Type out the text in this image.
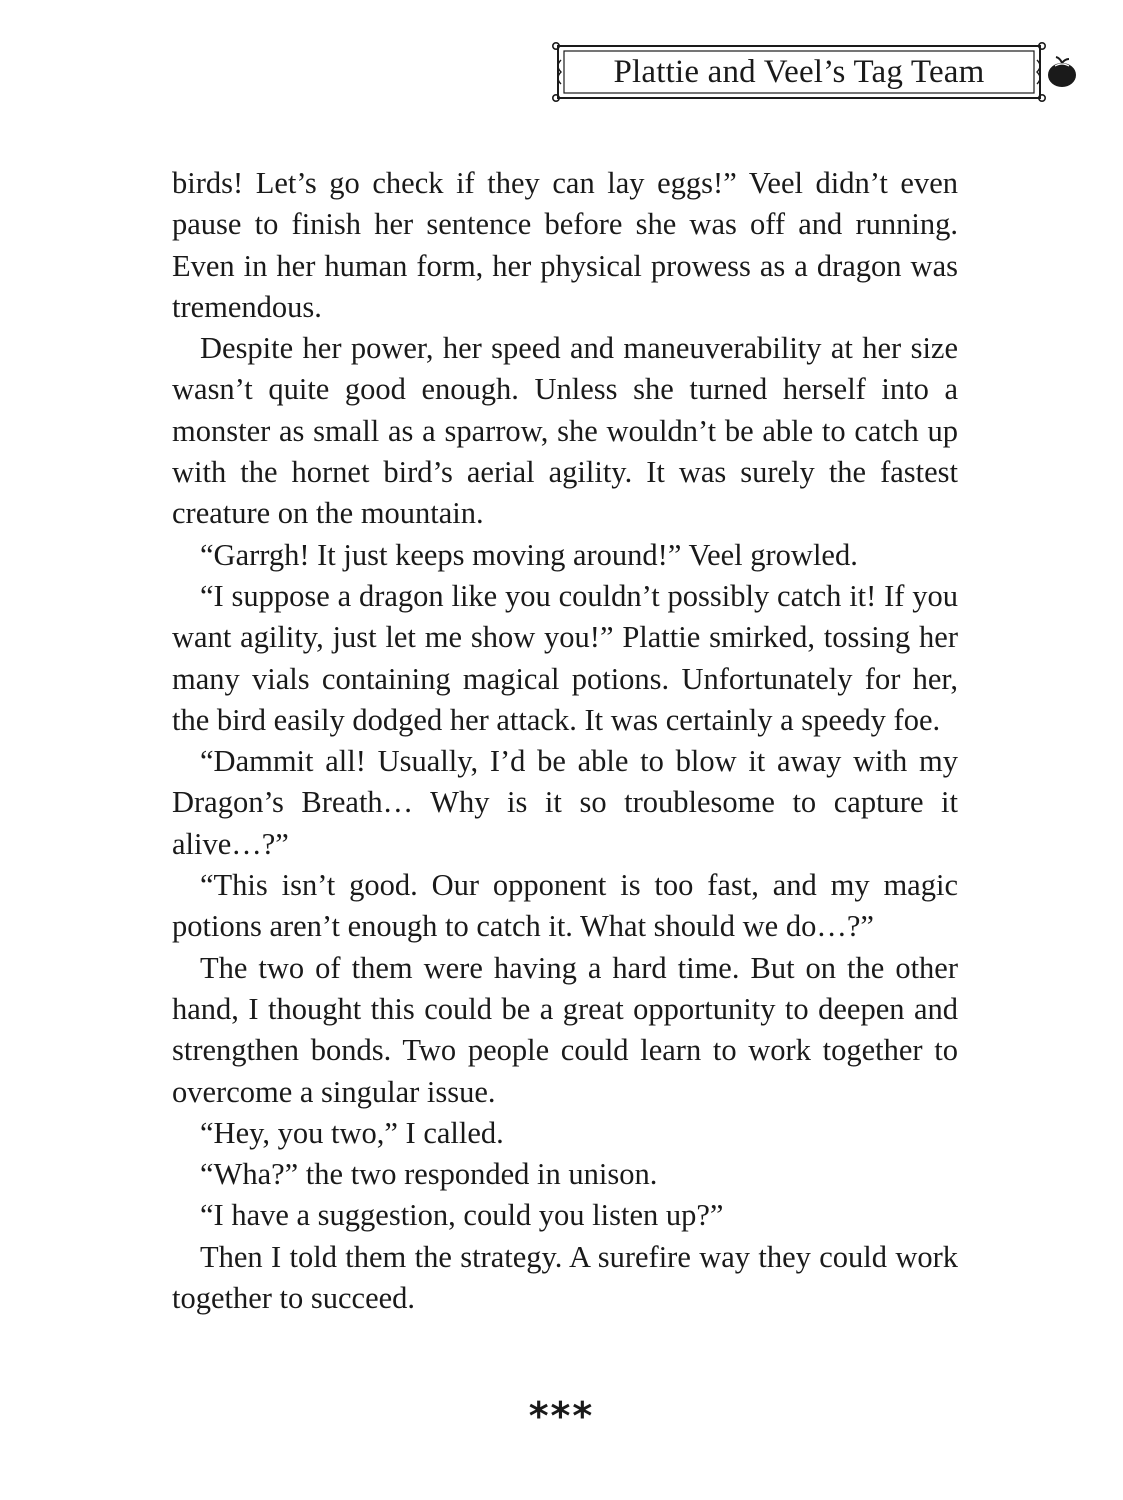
Plattie and Veel’s Tag Team

birds! Let’s go check if they can lay eggs!” Veel didn’t even pause to finish her sentence before she was off and running. Even in her human form, her physical prowess as a dragon was tremendous.

Despite her power, her speed and maneuverability at her size wasn’t quite good enough. Unless she turned herself into a monster as small as a sparrow, she wouldn’t be able to catch up with the hornet bird’s aerial agility. It was surely the fastest creature on the mountain.

“Garrgh! It just keeps moving around!” Veel growled.

“I suppose a dragon like you couldn’t possibly catch it! If you want agility, just let me show you!” Plattie smirked, tossing her many vials containing magical potions. Unfortunately for her, the bird easily dodged her attack. It was certainly a speedy foe.

“Dammit all! Usually, I’d be able to blow it away with my Dragon’s Breath… Why is it so troublesome to capture it alive…?”

“This isn’t good. Our opponent is too fast, and my magic potions aren’t enough to catch it. What should we do…?”

The two of them were having a hard time. But on the other hand, I thought this could be a great opportunity to deepen and strengthen bonds. Two people could learn to work together to overcome a singular issue.

“Hey, you two,” I called.

“Wha?” the two responded in unison.

“I have a suggestion, could you listen up?”

Then I told them the strategy. A surefire way they could work together to succeed.

***
